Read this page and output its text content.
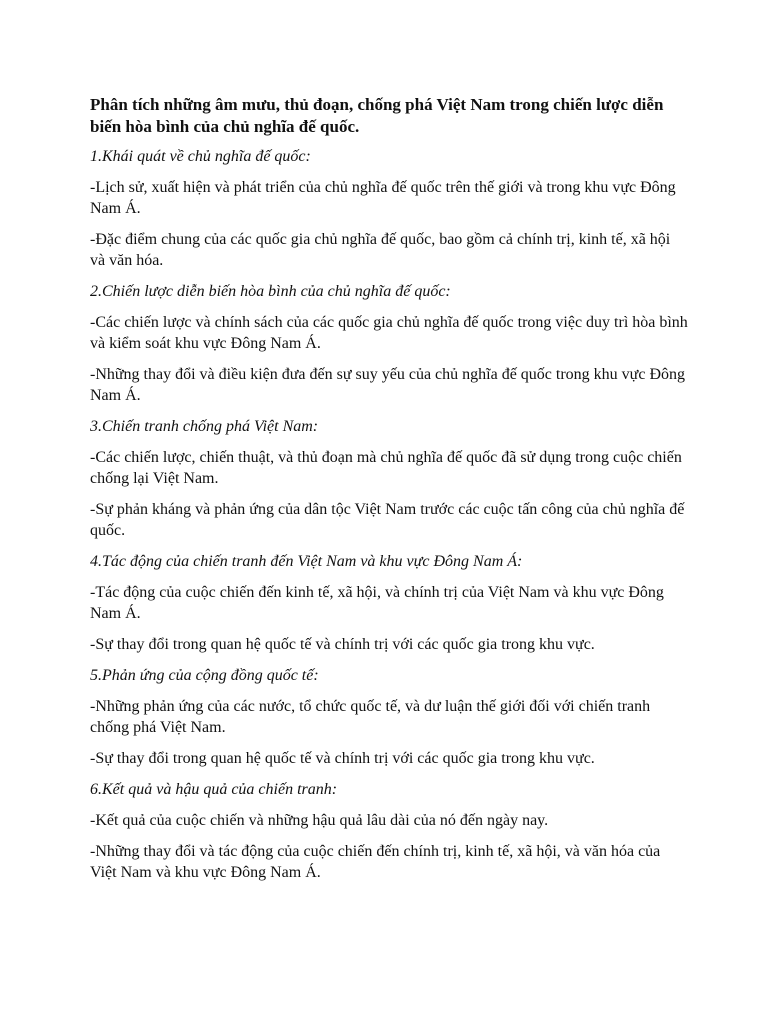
Phân tích những âm mưu, thủ đoạn, chống phá Việt Nam trong chiến lược diễn biến hòa bình của chủ nghĩa đế quốc.
1.Khái quát về chủ nghĩa đế quốc:
-Lịch sử, xuất hiện và phát triển của chủ nghĩa đế quốc trên thế giới và trong khu vực Đông Nam Á.
-Đặc điểm chung của các quốc gia chủ nghĩa đế quốc, bao gồm cả chính trị, kinh tế, xã hội và văn hóa.
2.Chiến lược diễn biến hòa bình của chủ nghĩa đế quốc:
-Các chiến lược và chính sách của các quốc gia chủ nghĩa đế quốc trong việc duy trì hòa bình và kiểm soát khu vực Đông Nam Á.
-Những thay đổi và điều kiện đưa đến sự suy yếu của chủ nghĩa đế quốc trong khu vực Đông Nam Á.
3.Chiến tranh chống phá Việt Nam:
-Các chiến lược, chiến thuật, và thủ đoạn mà chủ nghĩa đế quốc đã sử dụng trong cuộc chiến chống lại Việt Nam.
-Sự phản kháng và phản ứng của dân tộc Việt Nam trước các cuộc tấn công của chủ nghĩa đế quốc.
4.Tác động của chiến tranh đến Việt Nam và khu vực Đông Nam Á:
-Tác động của cuộc chiến đến kinh tế, xã hội, và chính trị của Việt Nam và khu vực Đông Nam Á.
-Sự thay đổi trong quan hệ quốc tế và chính trị với các quốc gia trong khu vực.
5.Phản ứng của cộng đồng quốc tế:
-Những phản ứng của các nước, tổ chức quốc tế, và dư luận thế giới đối với chiến tranh chống phá Việt Nam.
-Sự thay đổi trong quan hệ quốc tế và chính trị với các quốc gia trong khu vực.
6.Kết quả và hậu quả của chiến tranh:
-Kết quả của cuộc chiến và những hậu quả lâu dài của nó đến ngày nay.
-Những thay đổi và tác động của cuộc chiến đến chính trị, kinh tế, xã hội, và văn hóa của Việt Nam và khu vực Đông Nam Á.
